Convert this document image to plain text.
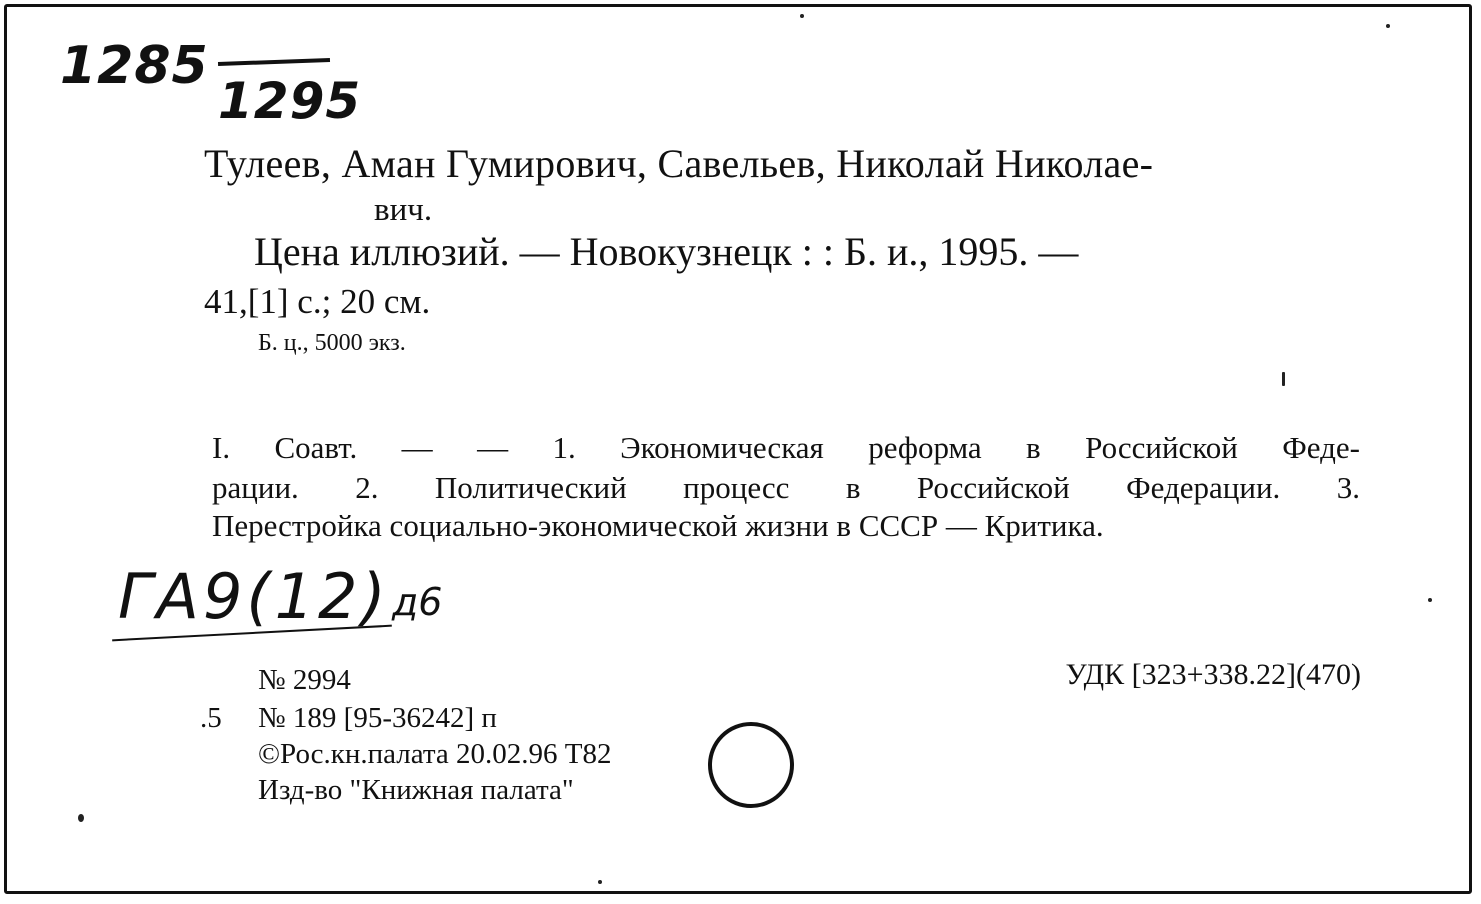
1285
1295
Тулеев, Аман Гумирович, Савельев, Николай Николае-
вич.
Цена иллюзий. — Новокузнецк : : Б. и., 1995. —
41,[1] с.; 20 см.
Б. ц., 5000 экз.
I. Соавт. — — 1. Экономическая реформа в Российской Феде-
рации. 2. Политический процесс в Российской Федерации. 3.
Перестройка социально-экономической жизни в СССР — Критика.
ГА9(12) д6
№ 2994	УДК [323+338.22](470)
.5 № 189 [95-36242] п
©Рос.кн.палата 20.02.96 Т82
Изд-во "Книжная палата"
